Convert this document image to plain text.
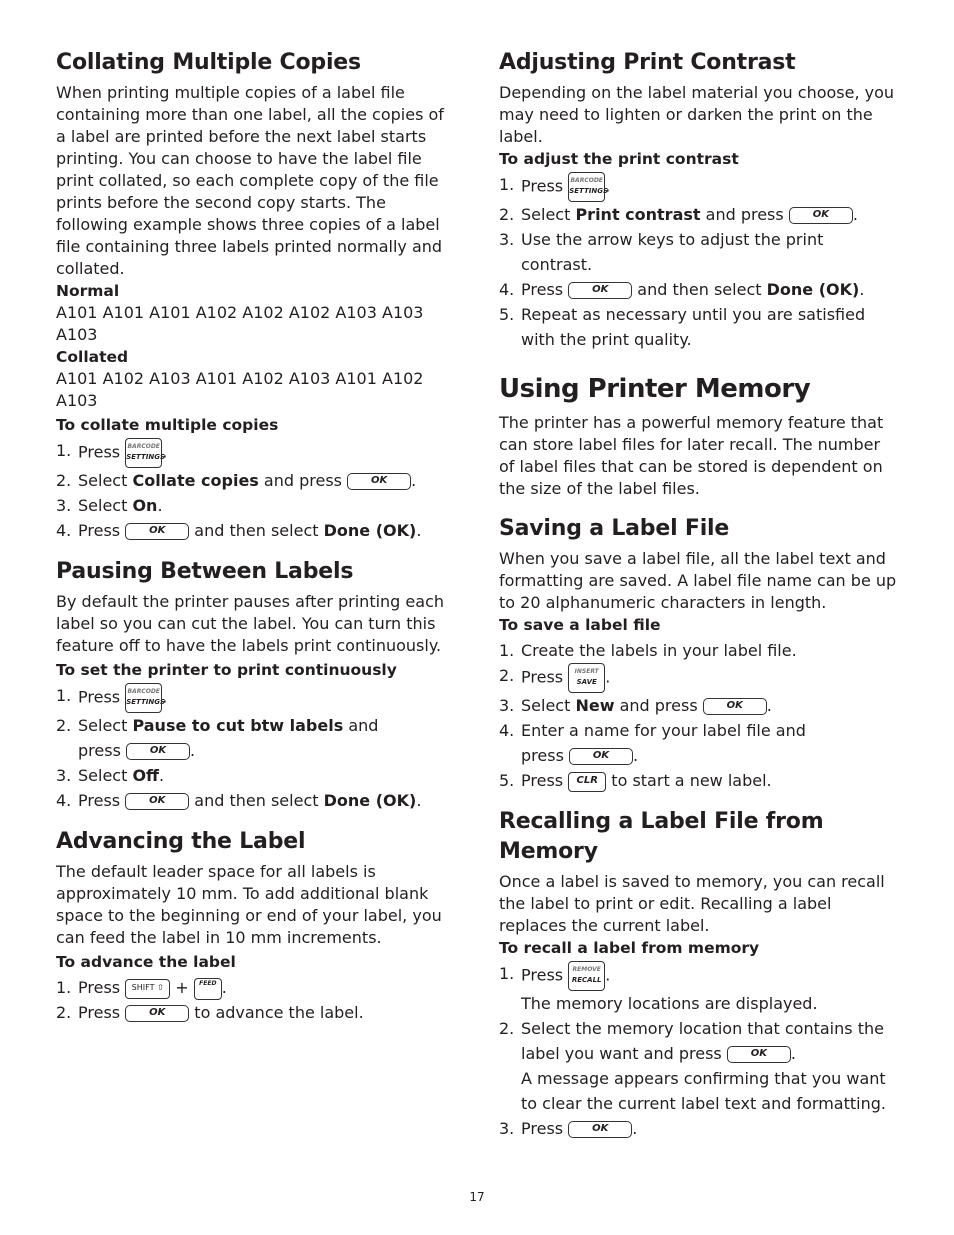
Collating Multiple Copies

When printing multiple copies of a label file containing more than one label, all the copies of a label are printed before the next label starts printing. You can choose to have the label file print collated, so each complete copy of the file prints before the second copy starts. The following example shows three copies of a label file containing three labels printed normally and collated.

Normal
A101 A101 A101 A102 A102 A102 A103 A103 A103
Collated
A101 A102 A103 A101 A102 A103 A101 A102 A103
To collate multiple copies
1. Press BARCODE
SETTINGS
.
2. Select Collate copies and press	OK .
3. Select On.
4. Press	OK and then select Done (OK).
Pausing Between Labels

By default the printer pauses after printing each label so you can cut the label. You can turn this feature off to have the labels print continuously.

To set the printer to print continuously
1. Press BARCODE
SETTINGS
.
2. Select Pause to cut btw labels and
press	OK .
3. Select Off.
4. Press	OK and then select Done (OK).
Advancing the Label

The default leader space for all labels is approximately 10 mm. To add additional blank space to the beginning or end of your label, you can feed the label in 10 mm increments.

To advance the label
1. Press SHIFT ⇧ + FEED .
2. Press	OK to advance the label.
Adjusting Print Contrast

Depending on the label material you choose, you may need to lighten or darken the print on the label.

To adjust the print contrast
1. Press BARCODE
SETTINGS
.
2. Select Print contrast and press	OK .
3. Use the arrow keys to adjust the print contrast.
4. Press	OK and then select Done (OK).
5. Repeat as necessary until you are satisfied with the print quality.
Using Printer Memory

The printer has a powerful memory feature that can store label files for later recall. The number of label files that can be stored is dependent on the size of the label files.

Saving a Label File

When you save a label file, all the label text and formatting are saved. A label file name can be up to 20 alphanumeric characters in length.

To save a label file
1. Create the labels in your label file.
2. Press	INSERT
SAVE .
3. Select New and press	OK .
4. Enter a name for your label file and
press	OK .
5. Press CLR to start a new label.
Recalling a Label File from Memory

Once a label is saved to memory, you can recall the label to print or edit. Recalling a label replaces the current label.

To recall a label from memory
1. Press	REMOVE
RECALL .
The memory locations are displayed.
2. Select the memory location that contains the
label you want and press	OK .
A message appears confirming that you want to clear the current label text and formatting.
3. Press	OK .
17
